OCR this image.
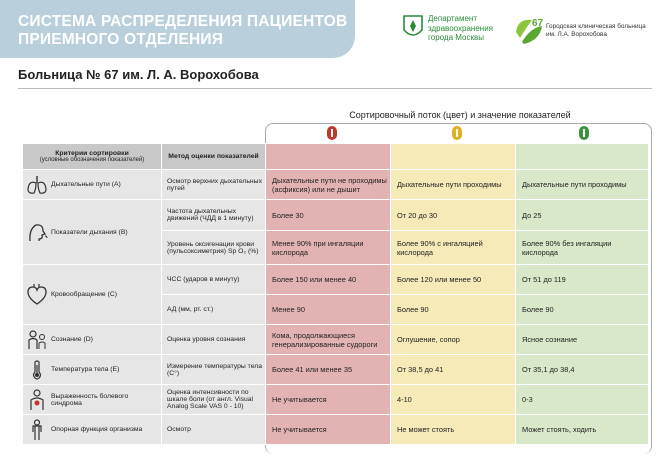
СИСТЕМА РАСПРЕДЕЛЕНИЯ ПАЦИЕНТОВ
ПРИЕМНОГО ОТДЕЛЕНИЯ
Департамент
здравоохранения
города Москвы
67 Городская клиническая больница
им. Л.А. Ворохобова
Больница № 67 им. Л. А. Ворохобова
Сортировочный поток (цвет) и значение показателей
Критерии сортировки
(условные обозначения показателей)	Метод оценки показателей			

Дыхательные пути (А)	Осмотр верхних дыхательных путей	Дыхательные пути не проходимы (асфиксия) или не дышит	Дыхательные пути проходимы	Дыхательные пути проходимы

Показатели дыхания (B)	Частота дыхательных движений (ЧДД в 1 минуту)	Более 30	От 20 до 30	До 25
	Уровень оксигенации крови (пульсоксиметрия) Sp O₂ (%)	Менее 90% при ингаляции кислорода	Более 90% с ингаляцией кислорода	Более 90% без ингаляции кислорода

Кровообращение (С)	ЧСС (ударов в минуту)	Более 150 или менее 40	Более 120 или менее 50	От 51 до 119
	АД (мм, рт. ст.)	Менее 90	Более 90	Более 90

Сознание (D)	Оценка уровня сознания	Кома, продолжающиеся генерализированные судороги	Оглушение, сопор	Ясное сознание

Температура тела (Е)	Измерение температуры тела (С°)	Более 41 или менее 35	От 38,5 до 41	От 35,1 до 38,4

Выраженность болевого синдрома	Оценка интенсивности по шкале боли (от англ. Visual Analog Scale VAS 0 - 10)	Не учитывается	4-10	0-3

Опорная функция организма	Осмотр	Не учитывается	Не может стоять	Может стоять, ходить
